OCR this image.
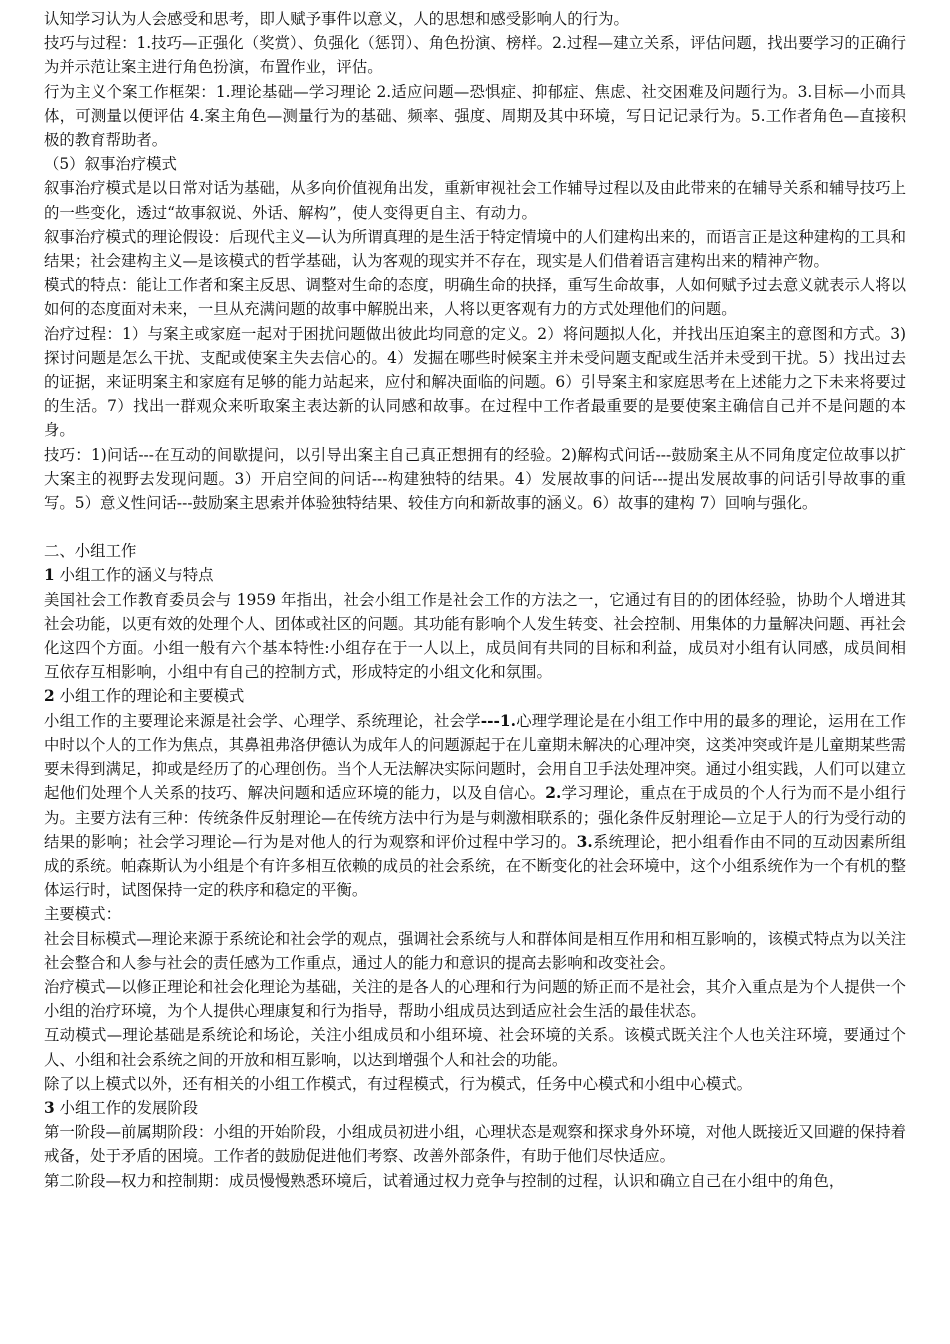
认知学习认为人会感受和思考，即人赋予事件以意义，人的思想和感受影响人的行为。

技巧与过程：1.技巧—正强化（奖赏）、负强化（惩罚）、角色扮演、榜样。2.过程—建立关系，评估问题，找出要学习的正确行为并示范让案主进行角色扮演，布置作业，评估。

行为主义个案工作框架：1.理论基础—学习理论 2.适应问题—恐惧症、抑郁症、焦虑、社交困难及问题行为。3.目标—小而具体，可测量以便评估 4.案主角色—测量行为的基础、频率、强度、周期及其中环境，写日记记录行为。5.工作者角色—直接积极的教育帮助者。

（5）叙事治疗模式

叙事治疗模式是以日常对话为基础，从多向价值视角出发，重新审视社会工作辅导过程以及由此带来的在辅导关系和辅导技巧上的一些变化，透过“故事叙说、外话、解构”，使人变得更自主、有动力。

叙事治疗模式的理论假设：后现代主义—认为所谓真理的是生活于特定情境中的人们建构出来的，而语言正是这种建构的工具和结果；社会建构主义—是该模式的哲学基础，认为客观的现实并不存在，现实是人们借着语言建构出来的精神产物。

模式的特点：能让工作者和案主反思、调整对生命的态度，明确生命的抉择，重写生命故事，人如何赋予过去意义就表示人将以如何的态度面对未来，一旦从充满问题的故事中解脱出来，人将以更客观有力的方式处理他们的问题。

治疗过程：1）与案主或家庭一起对于困扰问题做出彼此均同意的定义。2）将问题拟人化，并找出压迫案主的意图和方式。3)探讨问题是怎么干扰、支配或使案主失去信心的。4）发掘在哪些时候案主并未受问题支配或生活并未受到干扰。5）找出过去的证据，来证明案主和家庭有足够的能力站起来，应付和解决面临的问题。6）引导案主和家庭思考在上述能力之下未来将要过的生活。7）找出一群观众来听取案主表达新的认同感和故事。在过程中工作者最重要的是要使案主确信自己并不是问题的本身。

技巧：1)问话---在互动的间歇提问，以引导出案主自己真正想拥有的经验。2)解构式问话---鼓励案主从不同角度定位故事以扩大案主的视野去发现问题。3）开启空间的问话---构建独特的结果。4）发展故事的问话---提出发展故事的问话引导故事的重写。5）意义性问话---鼓励案主思索并体验独特结果、较佳方向和新故事的涵义。6）故事的建构 7）回响与强化。

二、小组工作

1 小组工作的涵义与特点

美国社会工作教育委员会与 1959 年指出，社会小组工作是社会工作的方法之一，它通过有目的的团体经验，协助个人增进其社会功能，以更有效的处理个人、团体或社区的问题。其功能有影响个人发生转变、社会控制、用集体的力量解决问题、再社会化这四个方面。小组一般有六个基本特性:小组存在于一人以上，成员间有共同的目标和利益，成员对小组有认同感，成员间相互依存互相影响，小组中有自己的控制方式，形成特定的小组文化和氛围。

2 小组工作的理论和主要模式

小组工作的主要理论来源是社会学、心理学、系统理论，社会学---1.心理学理论是在小组工作中用的最多的理论，运用在工作中时以个人的工作为焦点，其鼻祖弗洛伊德认为成年人的问题源起于在儿童期未解决的心理冲突，这类冲突或许是儿童期某些需要未得到满足，抑或是经历了的心理创伤。当个人无法解决实际问题时，会用自卫手法处理冲突。通过小组实践，人们可以建立起他们处理个人关系的技巧、解决问题和适应环境的能力，以及自信心。2.学习理论，重点在于成员的个人行为而不是小组行为。主要方法有三种：传统条件反射理论—在传统方法中行为是与刺激相联系的；强化条件反射理论—立足于人的行为受行动的结果的影响；社会学习理论—行为是对他人的行为观察和评价过程中学习的。3.系统理论，把小组看作由不同的互动因素所组成的系统。帕森斯认为小组是个有许多相互依赖的成员的社会系统，在不断变化的社会环境中，这个小组系统作为一个有机的整体运行时，试图保持一定的秩序和稳定的平衡。

主要模式：

社会目标模式—理论来源于系统论和社会学的观点，强调社会系统与人和群体间是相互作用和相互影响的，该模式特点为以关注社会整合和人参与社会的责任感为工作重点，通过人的能力和意识的提高去影响和改变社会。

治疗模式—以修正理论和社会化理论为基础，关注的是各人的心理和行为问题的矫正而不是社会，其介入重点是为个人提供一个小组的治疗环境，为个人提供心理康复和行为指导，帮助小组成员达到适应社会生活的最佳状态。

互动模式—理论基础是系统论和场论，关注小组成员和小组环境、社会环境的关系。该模式既关注个人也关注环境，要通过个人、小组和社会系统之间的开放和相互影响，以达到增强个人和社会的功能。

除了以上模式以外，还有相关的小组工作模式，有过程模式，行为模式，任务中心模式和小组中心模式。

3 小组工作的发展阶段

第一阶段—前属期阶段：小组的开始阶段，小组成员初进小组，心理状态是观察和探求身外环境，对他人既接近又回避的保持着戒备，处于矛盾的困境。工作者的鼓励促进他们考察、改善外部条件，有助于他们尽快适应。

第二阶段—权力和控制期：成员慢慢熟悉环境后，试着通过权力竞争与控制的过程，认识和确立自己在小组中的角色，
